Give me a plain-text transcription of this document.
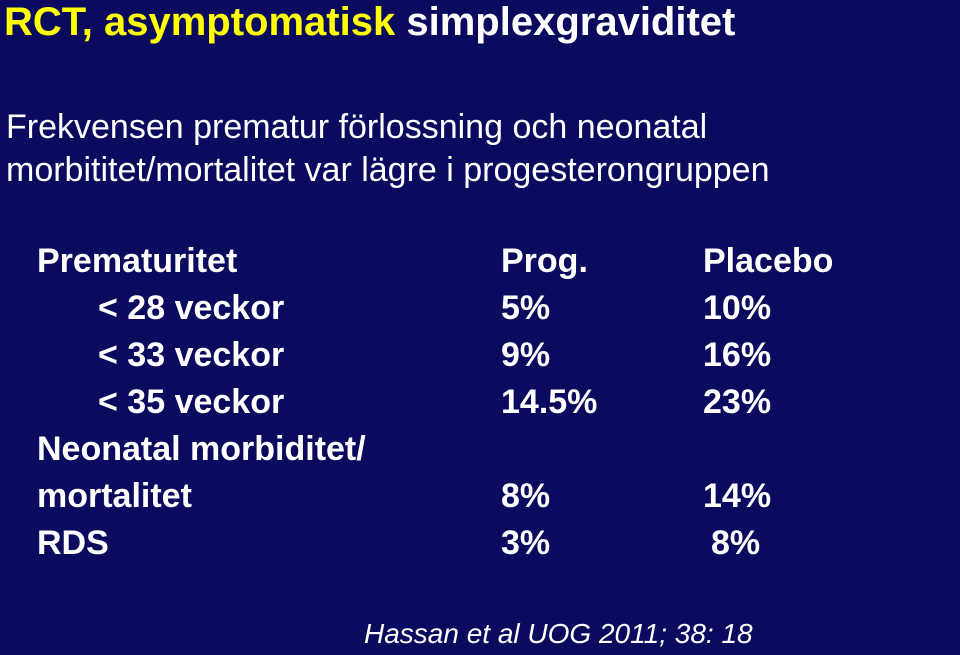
RCT, asymptomatisk simplexgraviditet
Frekvensen prematur förlossning och neonatal
morbititet/mortalitet var lägre i progesterongruppen
Prematuritet	Prog.	Placebo
< 28 veckor	5%	10%
< 33 veckor	9%	16%
< 35 veckor	14.5%	23%
Neonatal morbiditet/
mortalitet	8%	14%
RDS	3%	8%
Hassan et al UOG 2011; 38: 18
